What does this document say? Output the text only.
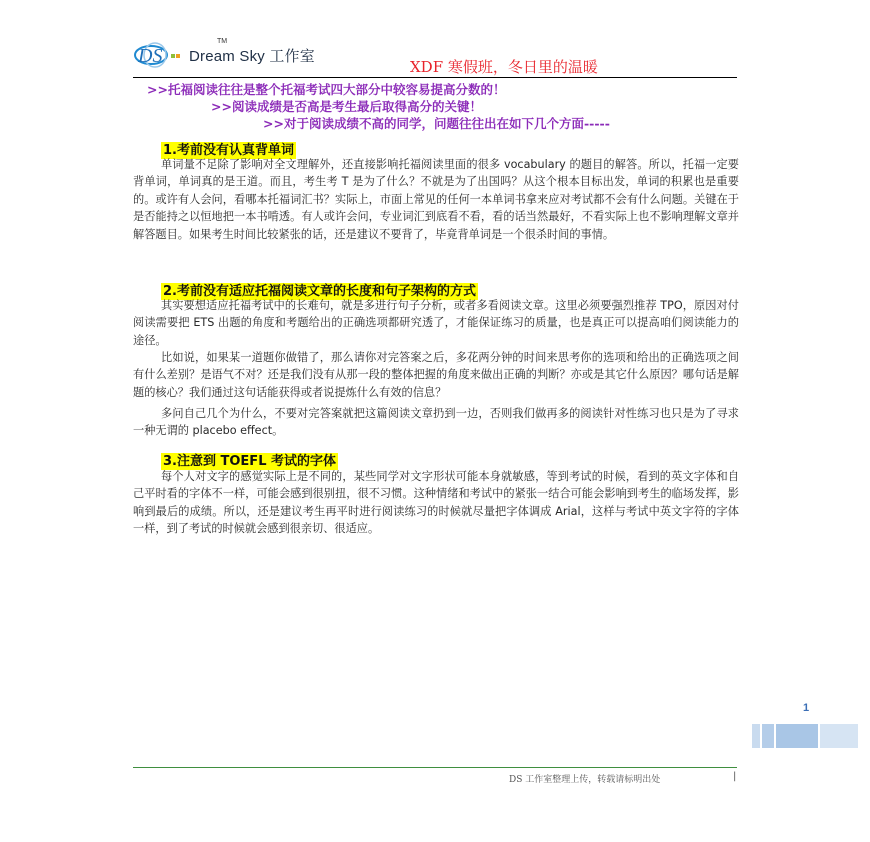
DS Dream Sky 工作室
TM
XDF 寒假班，冬日里的温暖
>>托福阅读往往是整个托福考试四大部分中较容易提高分数的！
>>阅读成绩是否高是考生最后取得高分的关键！
>>对于阅读成绩不高的同学，问题往往出在如下几个方面-----
1.考前没有认真背单词

单词量不足除了影响对全文理解外，还直接影响托福阅读里面的很多 vocabulary 的题目的解答。所以，托福一定要背单词，单词真的是王道。而且，考生考 T 是为了什么？不就是为了出国吗？从这个根本目标出发，单词的积累也是重要的。或许有人会问，看哪本托福词汇书？实际上，市面上常见的任何一本单词书拿来应对考试都不会有什么问题。关键在于是否能持之以恒地把一本书啃透。有人或许会问，专业词汇到底看不看，看的话当然最好，不看实际上也不影响理解文章并解答题目。如果考生时间比较紧张的话，还是建议不要背了，毕竟背单词是一个很杀时间的事情。

2.考前没有适应托福阅读文章的长度和句子架构的方式

其实要想适应托福考试中的长难句，就是多进行句子分析，或者多看阅读文章。这里必须要强烈推荐 TPO，原因对付阅读需要把 ETS 出题的角度和考题给出的正确选项都研究透了，才能保证练习的质量，也是真正可以提高咱们阅读能力的途径。

比如说，如果某一道题你做错了，那么请你对完答案之后，多花两分钟的时间来思考你的选项和给出的正确选项之间有什么差别？是语气不对？还是我们没有从那一段的整体把握的角度来做出正确的判断？亦或是其它什么原因？哪句话是解题的核心？我们通过这句话能获得或者说提炼什么有效的信息？

多问自己几个为什么，不要对完答案就把这篇阅读文章扔到一边，否则我们做再多的阅读针对性练习也只是为了寻求一种无谓的 placebo effect。

3.注意到 TOEFL 考试的字体

每个人对文字的感觉实际上是不同的，某些同学对文字形状可能本身就敏感，等到考试的时候，看到的英文字体和自己平时看的字体不一样，可能会感到很别扭，很不习惯。这种情绪和考试中的紧张一结合可能会影响到考生的临场发挥，影响到最后的成绩。所以，还是建议考生再平时进行阅读练习的时候就尽量把字体调成 Arial，这样与考试中英文字符的字体一样，到了考试的时候就会感到很亲切、很适应。

1
DS 工作室整理上传，转载请标明出处	|
